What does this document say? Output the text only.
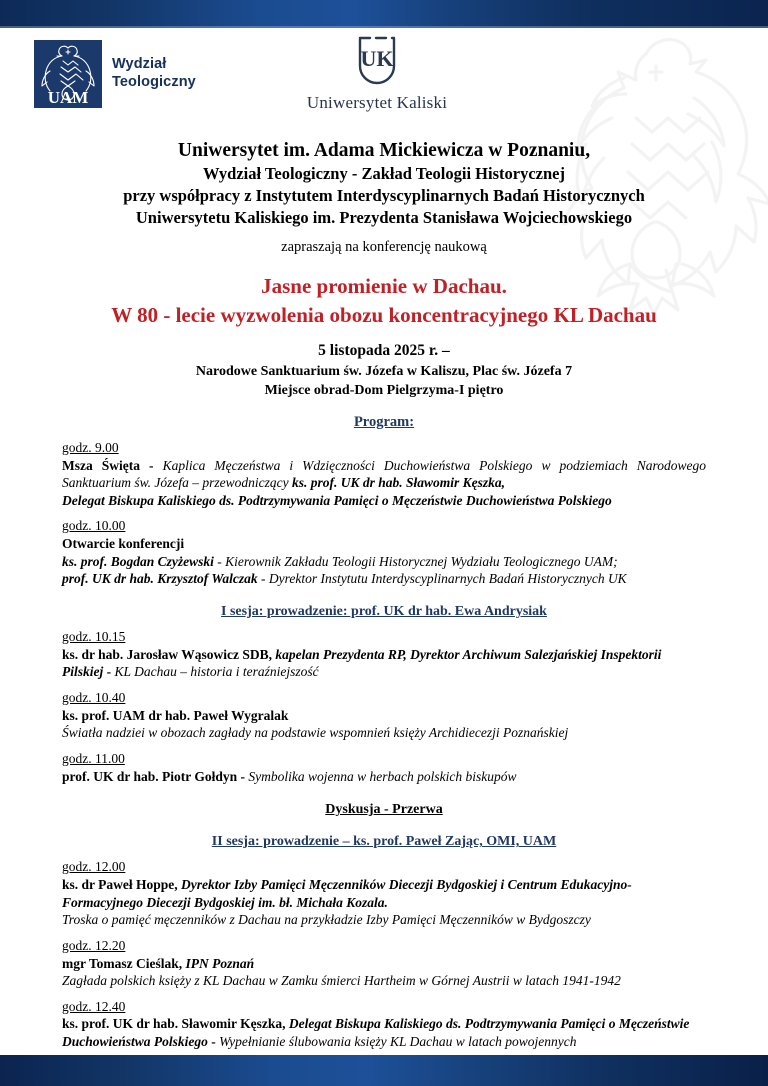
UAM
Wydział
Teologiczny
UK
Uniwersytet Kaliski
Uniwersytet im. Adama Mickiewicza w Poznaniu,
Wydział Teologiczny - Zakład Teologii Historycznej
przy współpracy z Instytutem Interdyscyplinarnych Badań Historycznych
Uniwersytetu Kaliskiego im. Prezydenta Stanisława Wojciechowskiego
zapraszają na konferencję naukową
Jasne promienie w Dachau.
W 80 - lecie wyzwolenia obozu koncentracyjnego KL Dachau
5 listopada 2025 r. –
Narodowe Sanktuarium św. Józefa w Kaliszu, Plac św. Józefa 7
Miejsce obrad-Dom Pielgrzyma-I piętro
Program:
godz. 9.00
Msza Święta - Kaplica Męczeństwa i Wdzięczności Duchowieństwa Polskiego w podziemiach Narodowego Sanktuarium św. Józefa – przewodniczący ks. prof. UK dr hab. Sławomir Kęszka,
Delegat Biskupa Kaliskiego ds. Podtrzymywania Pamięci o Męczeństwie Duchowieństwa Polskiego
godz. 10.00
Otwarcie konferencji
ks. prof. Bogdan Czyżewski - Kierownik Zakładu Teologii Historycznej Wydziału Teologicznego UAM;
prof. UK dr hab. Krzysztof Walczak - Dyrektor Instytutu Interdyscyplinarnych Badań Historycznych UK
I sesja: prowadzenie: prof. UK dr hab. Ewa Andrysiak
godz. 10.15
ks. dr hab. Jarosław Wąsowicz SDB, kapelan Prezydenta RP, Dyrektor Archiwum Salezjańskiej Inspektorii
Pilskiej - KL Dachau – historia i teraźniejszość
godz. 10.40
ks. prof. UAM dr hab. Paweł Wygralak
Światła nadziei w obozach zagłady na podstawie wspomnień księży Archidiecezji Poznańskiej
godz. 11.00
prof. UK dr hab. Piotr Gołdyn - Symbolika wojenna w herbach polskich biskupów
Dyskusja - Przerwa
II sesja: prowadzenie – ks. prof. Paweł Zając, OMI, UAM
godz. 12.00
ks. dr Paweł Hoppe, Dyrektor Izby Pamięci Męczenników Diecezji Bydgoskiej i Centrum Edukacyjno-
Formacyjnego Diecezji Bydgoskiej im. bł. Michała Kozala.
Troska o pamięć męczenników z Dachau na przykładzie Izby Pamięci Męczenników w Bydgoszczy
godz. 12.20
mgr Tomasz Cieślak, IPN Poznań
Zagłada polskich księży z KL Dachau w Zamku śmierci Hartheim w Górnej Austrii w latach 1941-1942
godz. 12.40
ks. prof. UK dr hab. Sławomir Kęszka, Delegat Biskupa Kaliskiego ds. Podtrzymywania Pamięci o Męczeństwie
Duchowieństwa Polskiego - Wypełnianie ślubowania księży KL Dachau w latach powojennych
